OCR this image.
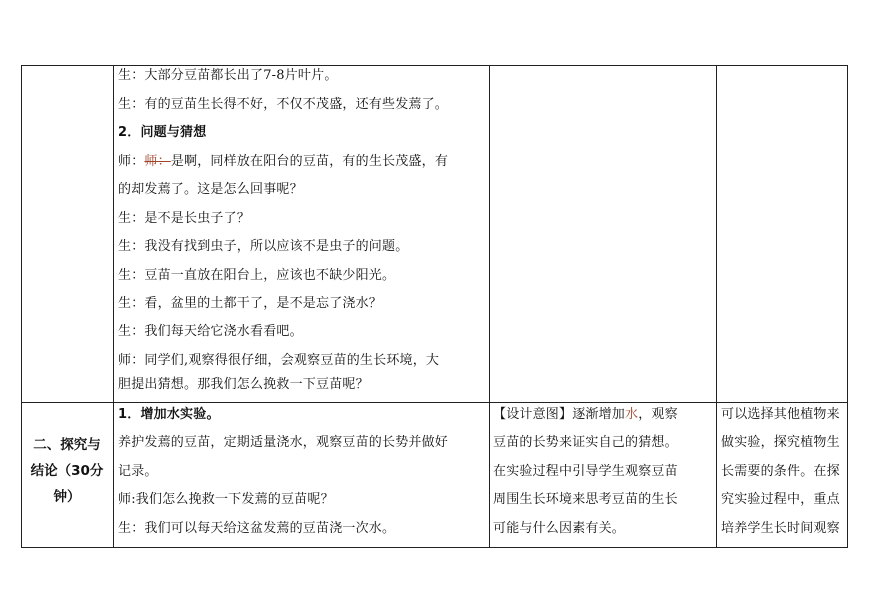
生：大部分豆苗都长出了7-8片叶片。
生：有的豆苗生长得不好，不仅不茂盛，还有些发蔫了。
2．问题与猜想
师：师：是啊，同样放在阳台的豆苗，有的生长茂盛，有
的却发蔫了。这是怎么回事呢？
生：是不是长虫子了？
生：我没有找到虫子，所以应该不是虫子的问题。
生：豆苗一直放在阳台上，应该也不缺少阳光。
生：看，盆里的土都干了，是不是忘了浇水？
生：我们每天给它浇水看看吧。
师：同学们,观察得很仔细，会观察豆苗的生长环境，大
胆提出猜想。那我们怎么挽救一下豆苗呢？
二、探究与
结论（30分
钟）
1．增加水实验。
养护发蔫的豆苗，定期适量浇水，观察豆苗的长势并做好
记录。
师:我们怎么挽救一下发蔫的豆苗呢？
生：我们可以每天给这盆发蔫的豆苗浇一次水。
【设计意图】逐渐增加水，观察
豆苗的长势来证实自己的猜想。
在实验过程中引导学生观察豆苗
周围生长环境来思考豆苗的生长
可能与什么因素有关。
可以选择其他植物来
做实验，探究植物生
长需要的条件。在探
究实验过程中，重点
培养学生长时间观察
